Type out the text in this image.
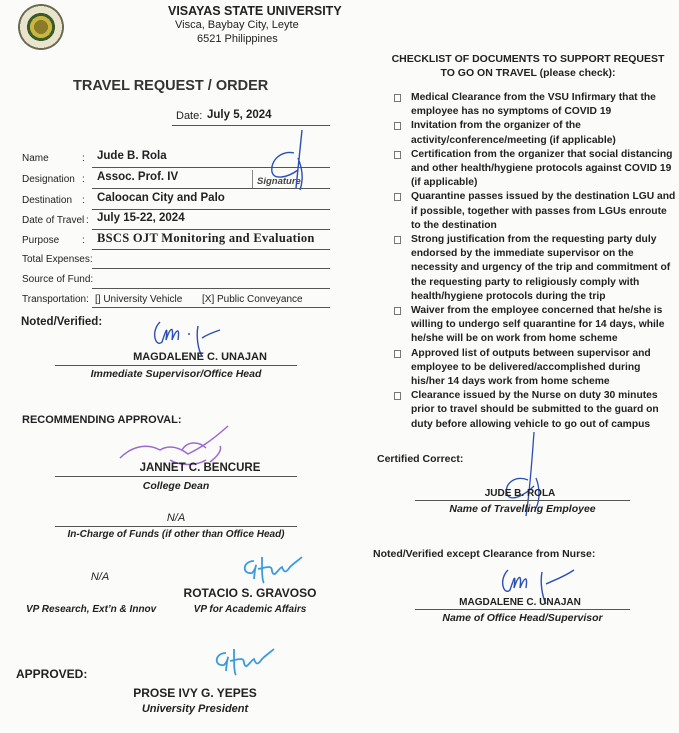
VISAYAS STATE UNIVERSITY
Visca, Baybay City, Leyte
6521 Philippines
TRAVEL REQUEST / ORDER
Date: July 5, 2024
Name	: Jude B. Rola
Designation : Assoc. Prof. IV	Signature
Destination : Caloocan City and Palo
Date of Travel : July 15-22, 2024
Purpose : BSCS OJT Monitoring and Evaluation
Total Expenses:
Source of Fund:
Transportation: [] University Vehicle [X] Public Conveyance
Noted/Verified:
MAGDALENE C. UNAJAN
Immediate Supervisor/Office Head
RECOMMENDING APPROVAL:
JANNET C. BENCURE
College Dean
N/A
In-Charge of Funds (if other than Office Head)
N/A
VP Research, Ext’n & Innov
ROTACIO S. GRAVOSO
VP for Academic Affairs
APPROVED:
PROSE IVY G. YEPES
University President
CHECKLIST OF DOCUMENTS TO SUPPORT REQUEST
TO GO ON TRAVEL (please check):
Medical Clearance from the VSU Infirmary that the employee has no symptoms of COVID 19
Invitation from the organizer of the activity/conference/meeting (if applicable)
Certification from the organizer that social distancing and other health/hygiene protocols against COVID 19 (if applicable)
Quarantine passes issued by the destination LGU and if possible, together with passes from LGUs enroute to the destination
Strong justification from the requesting party duly endorsed by the immediate supervisor on the necessity and urgency of the trip and commitment of the requesting party to religiously comply with health/hygiene protocols during the trip
Waiver from the employee concerned that he/she is willing to undergo self quarantine for 14 days, while he/she will be on work from home scheme
Approved list of outputs between supervisor and employee to be delivered/accomplished during his/her 14 days work from home scheme
Clearance issued by the Nurse on duty 30 minutes prior to travel should be submitted to the guard on duty before allowing vehicle to go out of campus
Certified Correct:
JUDE B. ROLA
Name of Travelling Employee
Noted/Verified except Clearance from Nurse:
MAGDALENE C. UNAJAN
Name of Office Head/Supervisor
